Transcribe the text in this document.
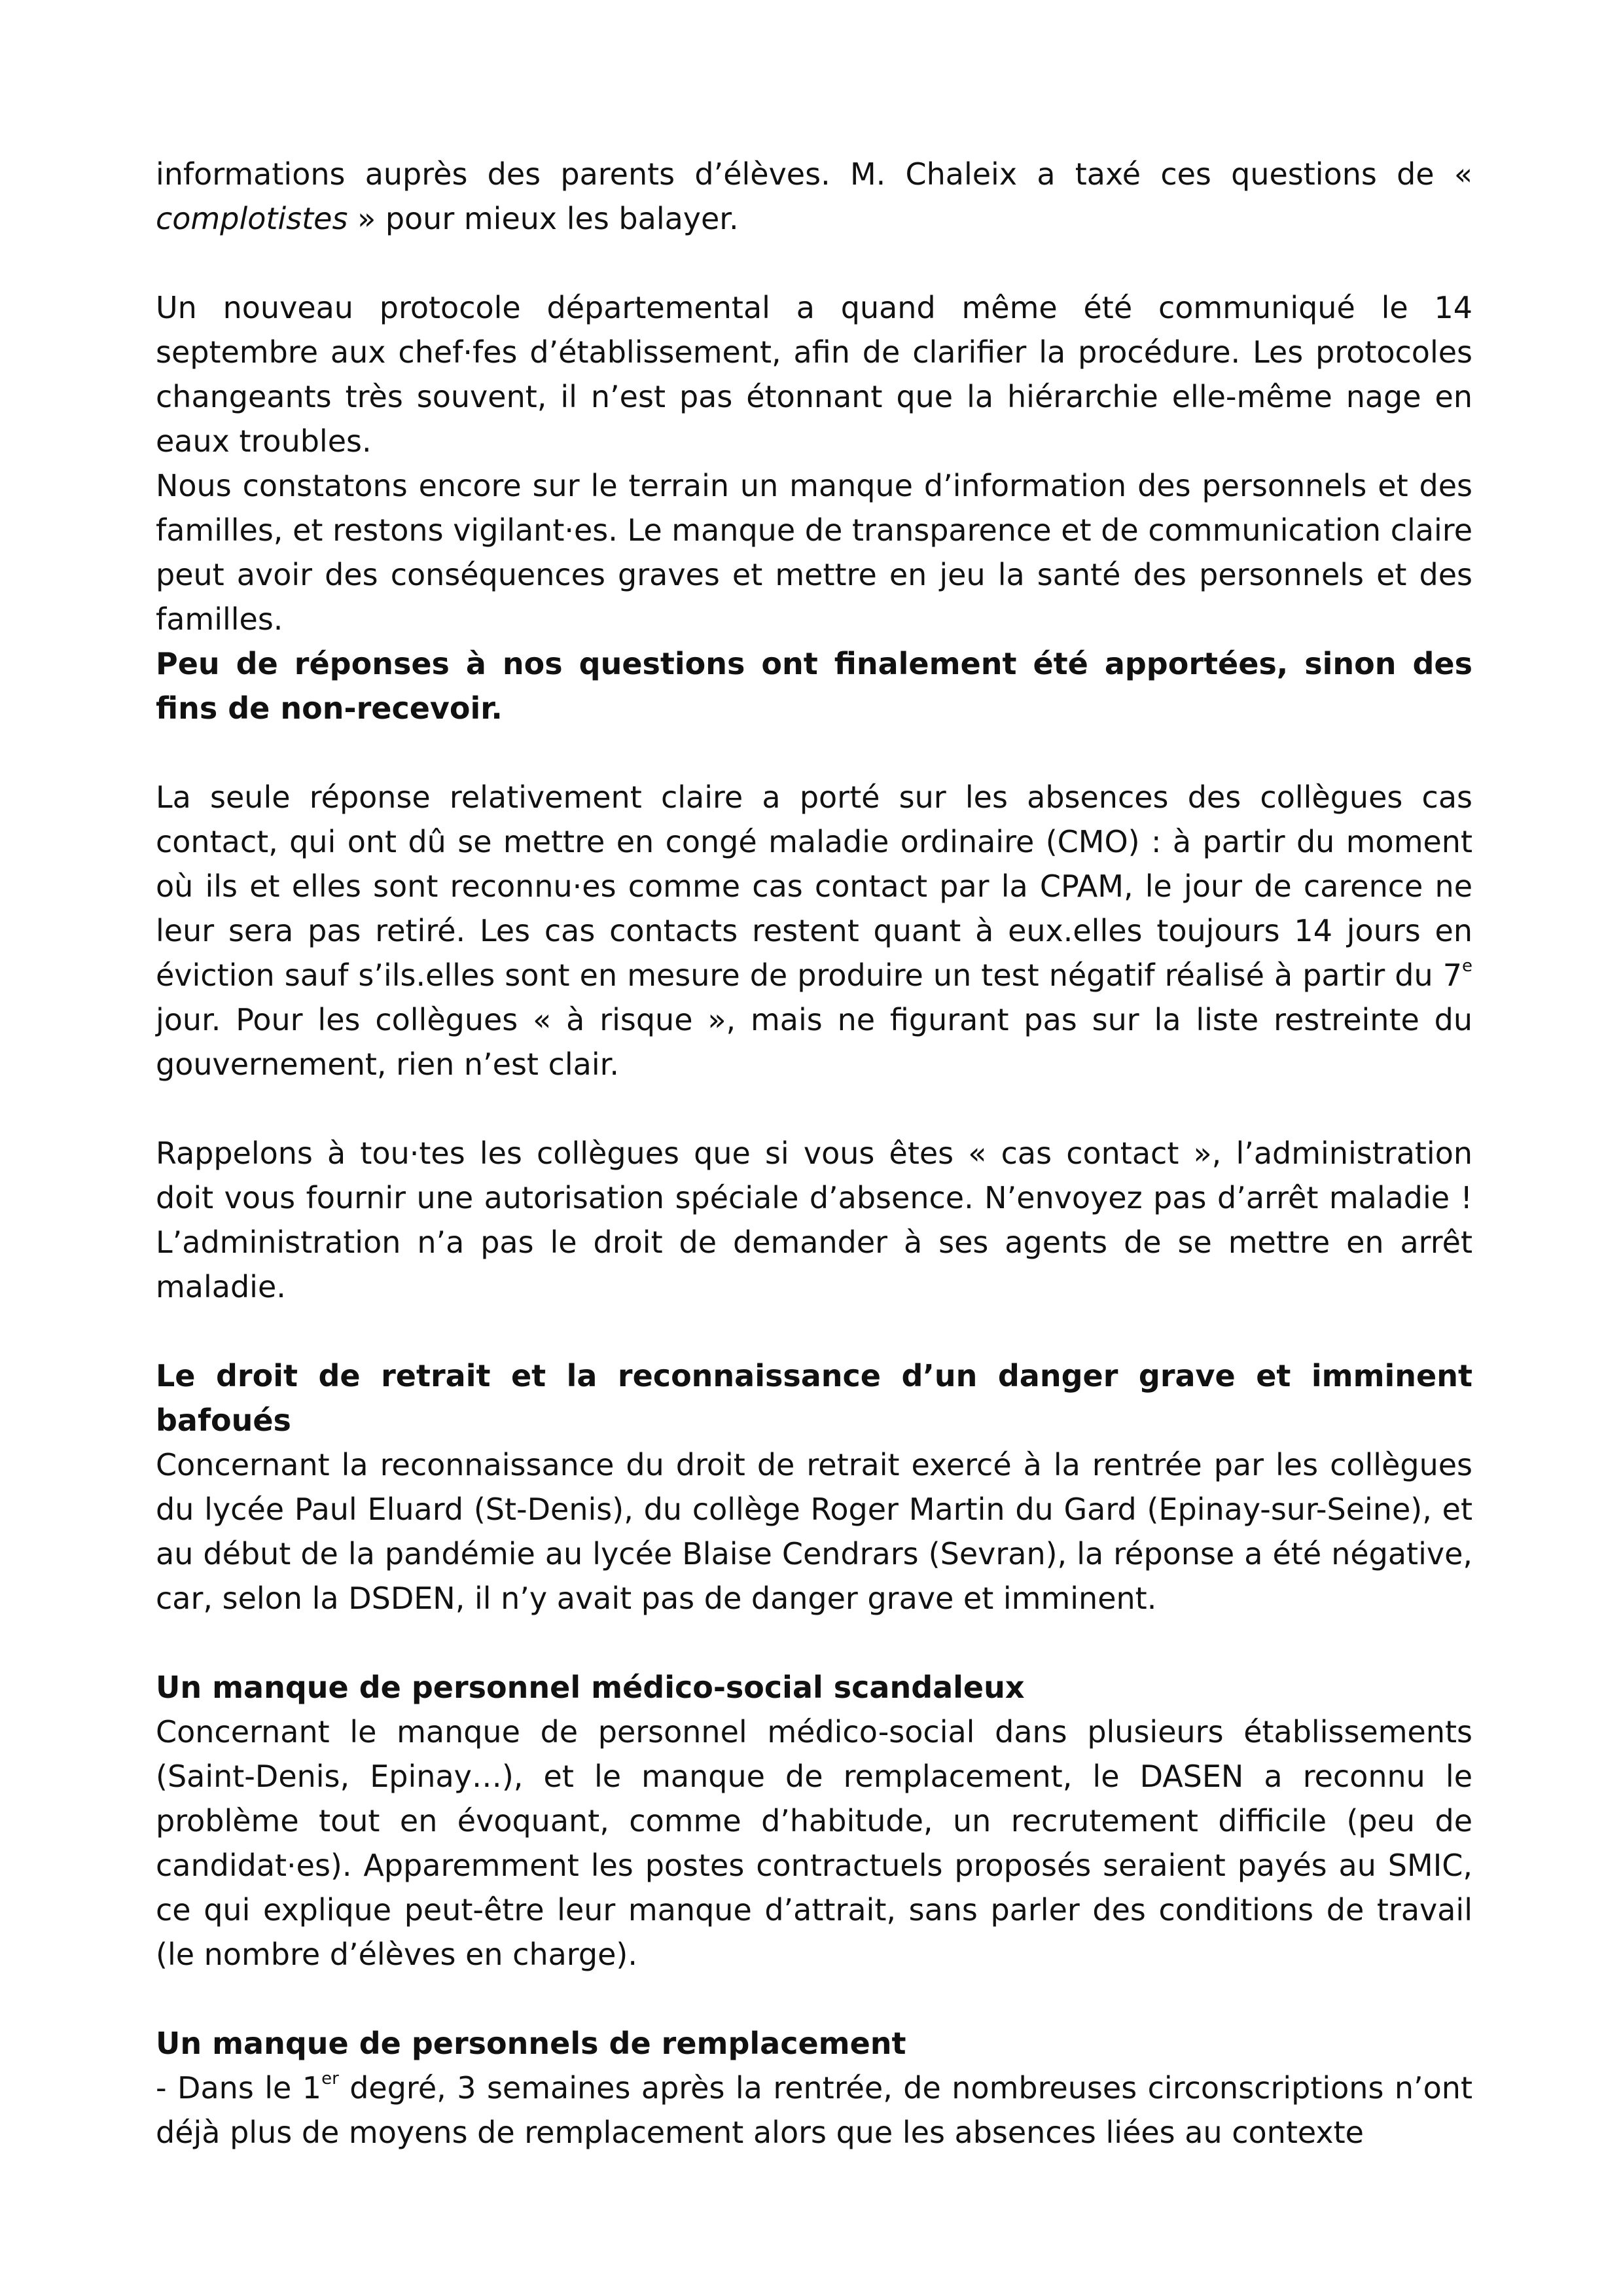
informations auprès des parents d’élèves. M. Chaleix a taxé ces questions de « complotistes » pour mieux les balayer.

Un nouveau protocole départemental a quand même été communiqué le 14 septembre aux chef·fes d’établissement, afin de clarifier la procédure. Les protocoles changeants très souvent, il n’est pas étonnant que la hiérarchie elle-même nage en eaux troubles.

Nous constatons encore sur le terrain un manque d’information des personnels et des familles, et restons vigilant·es. Le manque de transparence et de communication claire peut avoir des conséquences graves et mettre en jeu la santé des personnels et des familles.

Peu de réponses à nos questions ont finalement été apportées, sinon des fins de non-recevoir.

La seule réponse relativement claire a porté sur les absences des collègues cas contact, qui ont dû se mettre en congé maladie ordinaire (CMO) : à partir du moment où ils et elles sont reconnu·es comme cas contact par la CPAM, le jour de carence ne leur sera pas retiré. Les cas contacts restent quant à eux.elles toujours 14 jours en éviction sauf s’ils.elles sont en mesure de produire un test négatif réalisé à partir du 7e jour. Pour les collègues « à risque », mais ne figurant pas sur la liste restreinte du gouvernement, rien n’est clair.

Rappelons à tou·tes les collègues que si vous êtes « cas contact », l’administration doit vous fournir une autorisation spéciale d’absence. N’envoyez pas d’arrêt maladie ! L’administration n’a pas le droit de demander à ses agents de se mettre en arrêt maladie.

Le droit de retrait et la reconnaissance d’un danger grave et imminent bafoués

Concernant la reconnaissance du droit de retrait exercé à la rentrée par les collègues du lycée Paul Eluard (St-Denis), du collège Roger Martin du Gard (Epinay-sur-Seine), et au début de la pandémie au lycée Blaise Cendrars (Sevran), la réponse a été négative, car, selon la DSDEN, il n’y avait pas de danger grave et imminent.

Un manque de personnel médico-social scandaleux

Concernant le manque de personnel médico-social dans plusieurs établissements (Saint-Denis, Epinay…), et le manque de remplacement, le DASEN a reconnu le problème tout en évoquant, comme d’habitude, un recrutement difficile (peu de candidat·es). Apparemment les postes contractuels proposés seraient payés au SMIC, ce qui explique peut-être leur manque d’attrait, sans parler des conditions de travail (le nombre d’élèves en charge).

Un manque de personnels de remplacement

- Dans le 1er degré, 3 semaines après la rentrée, de nombreuses circonscriptions n’ont déjà plus de moyens de remplacement alors que les absences liées au contexte
